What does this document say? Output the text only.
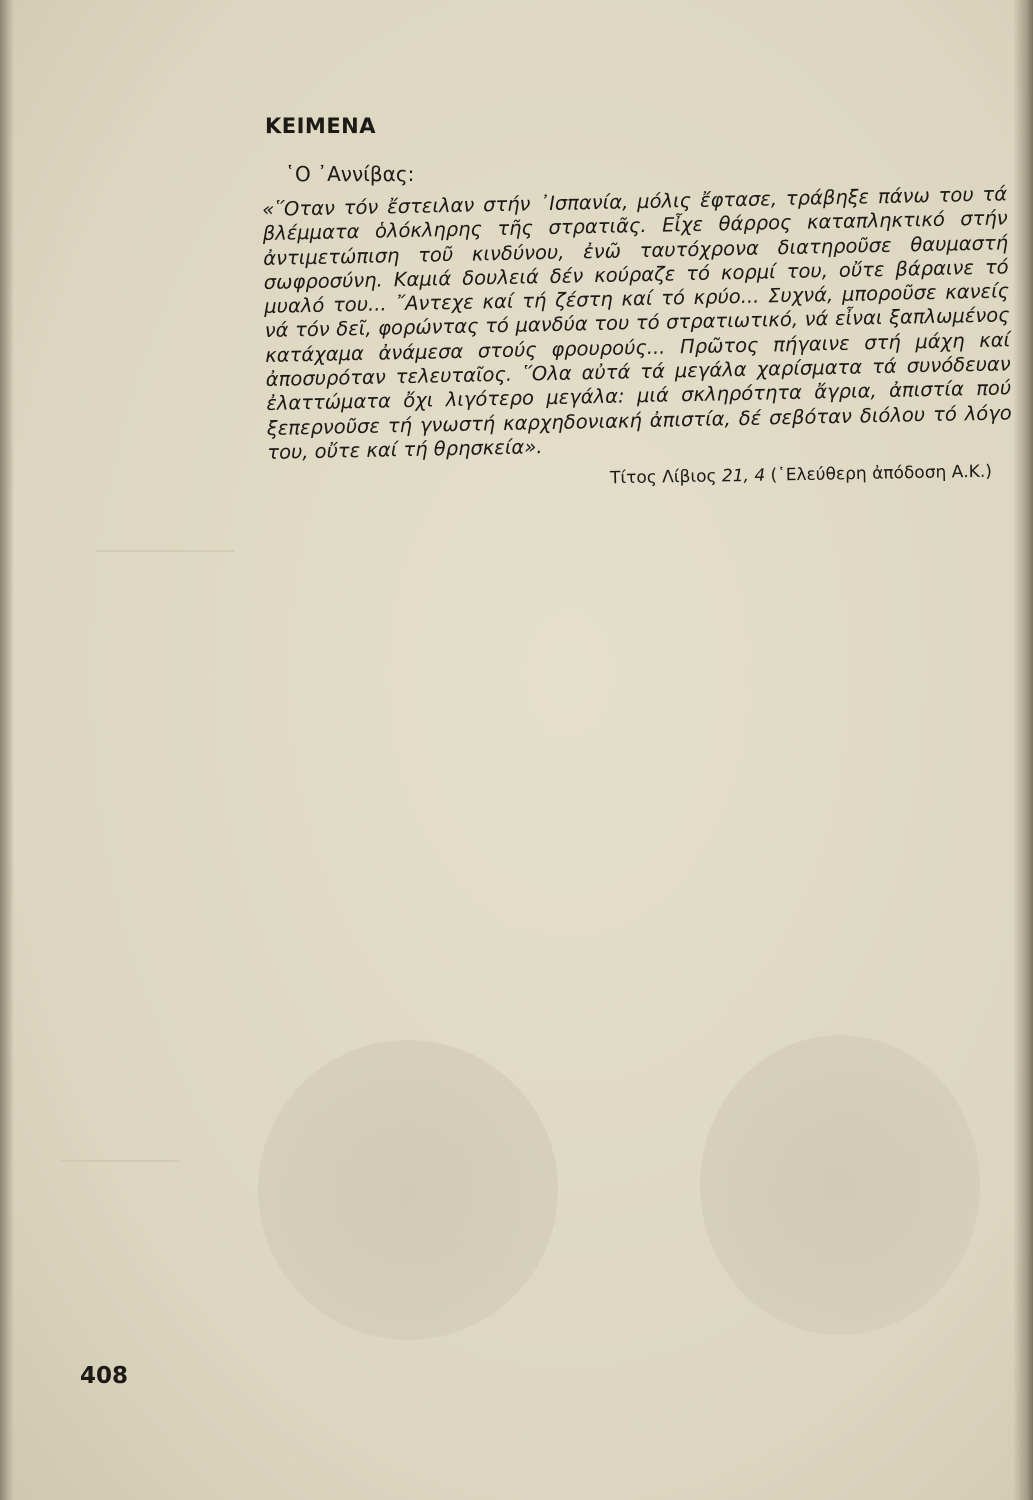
ΚΕΙΜΕΝΑ
῾Ο ᾿Αννίβας:
«῞Οταν τόν ἔστειλαν στήν ᾿Ισπανία, μόλις ἔφτασε, τράβηξε πάνω του τά βλέμματα ὁλόκληρης τῆς στρατιᾶς. Εἶχε θάρρος καταπληκτικό στήν ἀντιμετώπιση τοῦ κινδύνου, ἐνῶ ταυτόχρονα διατηροῦσε θαυμαστή σωφροσύνη. Καμιά δουλειά δέν κούραζε τό κορμί του, οὔτε βάραινε τό μυαλό του... ῎Αντεχε καί τή ζέστη καί τό κρύο... Συχνά, μποροῦσε κανείς νά τόν δεῖ, φορώντας τό μανδύα του τό στρατιωτικό, νά εἶναι ξαπλωμένος κατάχαμα ἀνάμεσα στούς φρουρούς... Πρῶτος πήγαινε στή μάχη καί ἀποσυρόταν τελευταῖος. ῞Ολα αὐτά τά μεγάλα χαρίσματα τά συνόδευαν ἐλαττώματα ὄχι λιγότερο μεγάλα: μιά σκληρότητα ἄγρια, ἀπιστία πού ξεπερνοῦσε τή γνωστή καρχηδονιακή ἀπιστία, δέ σεβόταν διόλου τό λόγο του, οὔτε καί τή θρησκεία».
Τίτος Λίβιος 21, 4 (῾Ελεύθερη ἀπόδοση Α.Κ.)
408
